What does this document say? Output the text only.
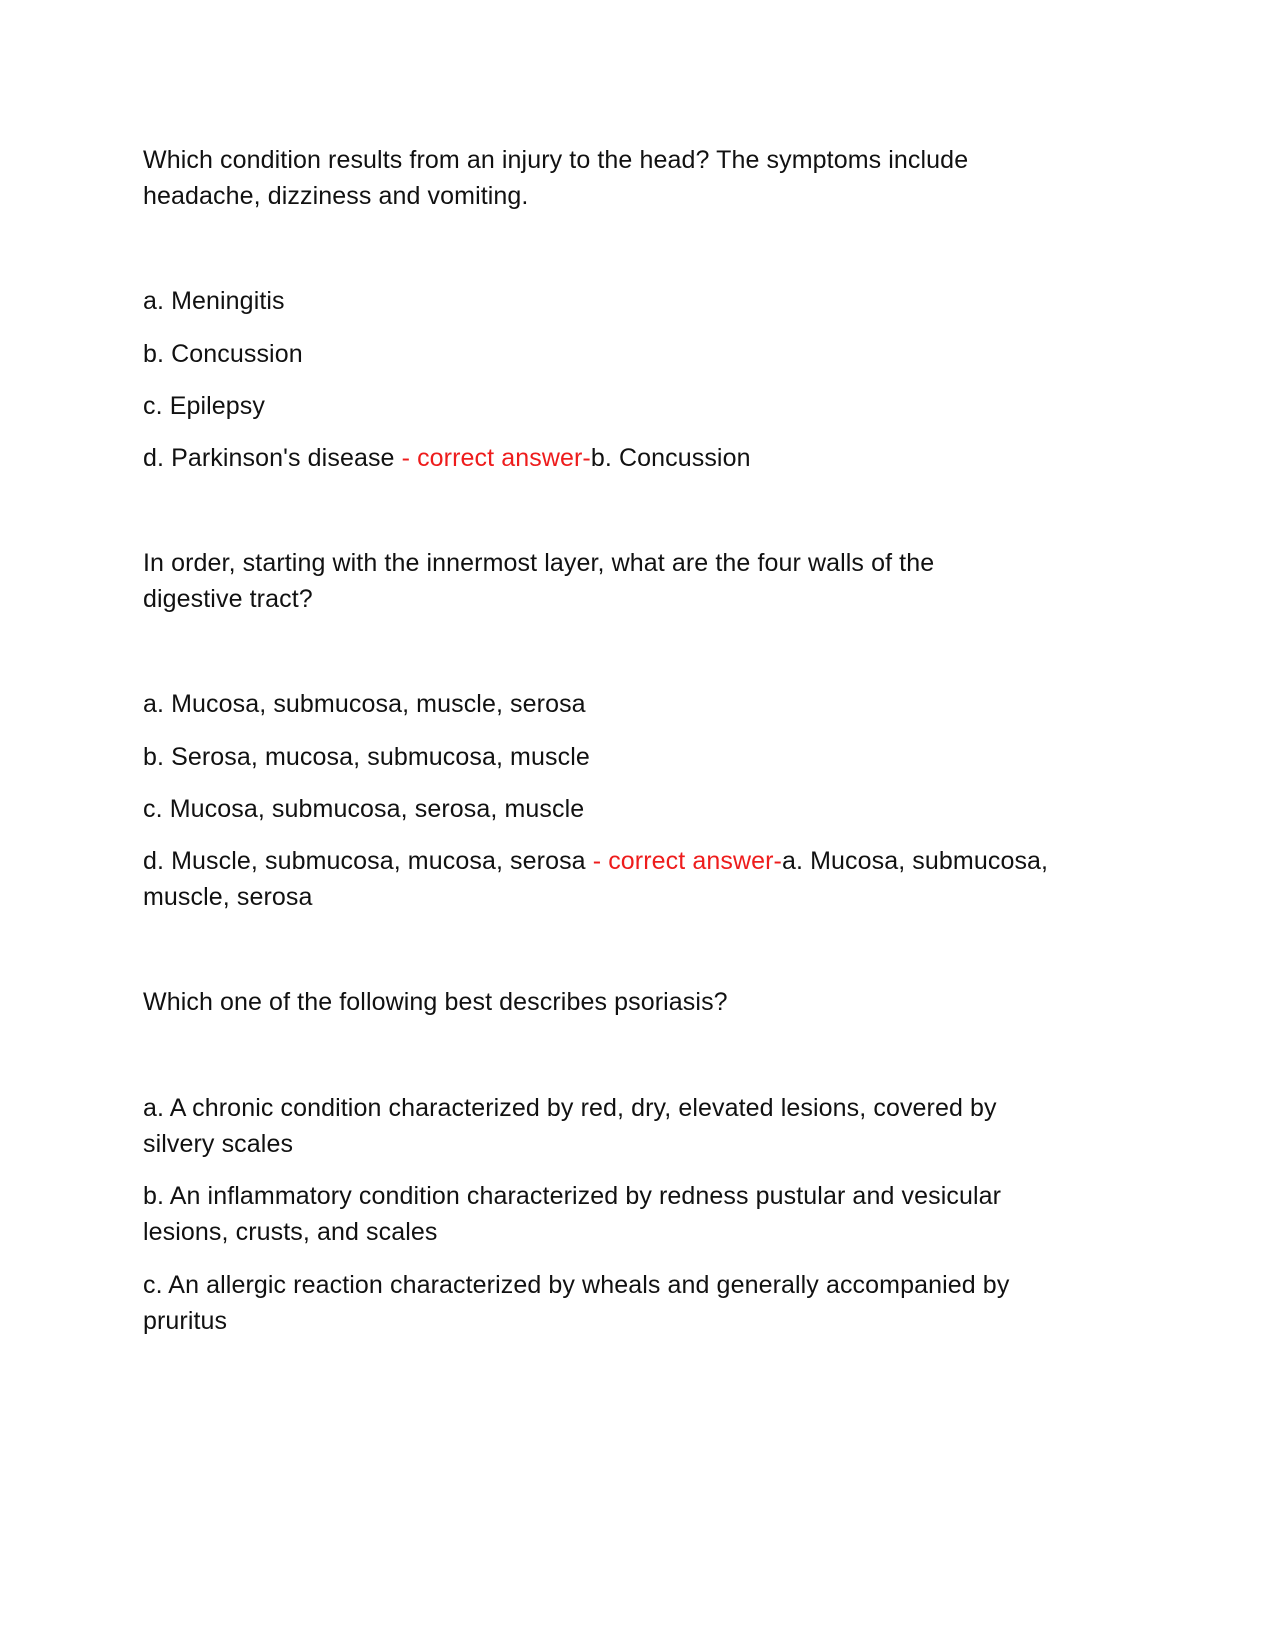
Which condition results from an injury to the head? The symptoms include
headache, dizziness and vomiting.
a. Meningitis
b. Concussion
c. Epilepsy
d. Parkinson's disease - correct answer-b. Concussion
In order, starting with the innermost layer, what are the four walls of the
digestive tract?
a. Mucosa, submucosa, muscle, serosa
b. Serosa, mucosa, submucosa, muscle
c. Mucosa, submucosa, serosa, muscle
d. Muscle, submucosa, mucosa, serosa - correct answer-a. Mucosa, submucosa,
muscle, serosa
Which one of the following best describes psoriasis?
a. A chronic condition characterized by red, dry, elevated lesions, covered by
silvery scales
b. An inflammatory condition characterized by redness pustular and vesicular
lesions, crusts, and scales
c. An allergic reaction characterized by wheals and generally accompanied by
pruritus
